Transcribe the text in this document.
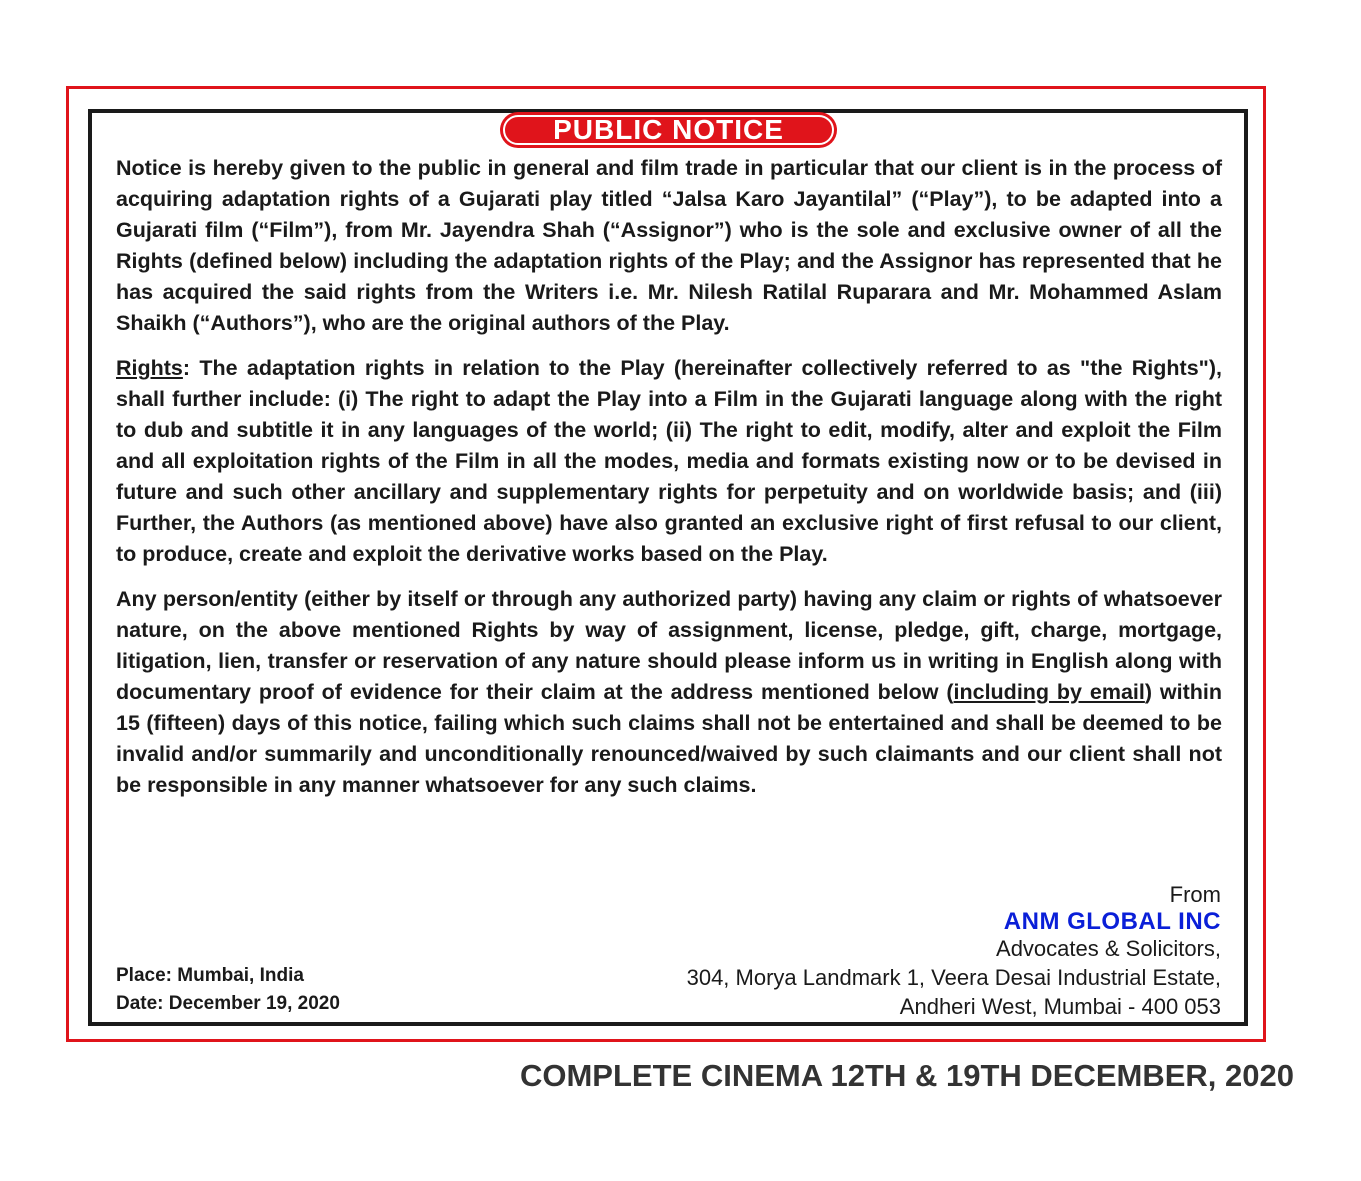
PUBLIC NOTICE

Notice is hereby given to the public in general and film trade in particular that our client is in the process of acquiring adaptation rights of a Gujarati play titled “Jalsa Karo Jayantilal” (“Play”), to be adapted into a Gujarati film (“Film”), from Mr. Jayendra Shah (“Assignor”) who is the sole and exclusive owner of all the Rights (defined below) including the adaptation rights of the Play; and the Assignor has represented that he has acquired the said rights from the Writers i.e. Mr. Nilesh Ratilal Ruparara and Mr. Mohammed Aslam Shaikh (“Authors”), who are the original authors of the Play.

Rights: The adaptation rights in relation to the Play (hereinafter collectively referred to as "the Rights"), shall further include: (i) The right to adapt the Play into a Film in the Gujarati language along with the right to dub and subtitle it in any languages of the world; (ii) The right to edit, modify, alter and exploit the Film and all exploitation rights of the Film in all the modes, media and formats existing now or to be devised in future and such other ancillary and supplementary rights for perpetuity and on worldwide basis; and (iii) Further, the Authors (as mentioned above) have also granted an exclusive right of first refusal to our client, to produce, create and exploit the derivative works based on the Play.

Any person/entity (either by itself or through any authorized party) having any claim or rights of whatsoever nature, on the above mentioned Rights by way of assignment, license, pledge, gift, charge, mortgage, litigation, lien, transfer or reservation of any nature should please inform us in writing in English along with documentary proof of evidence for their claim at the address mentioned below (including by email) within 15 (fifteen) days of this notice, failing which such claims shall not be entertained and shall be deemed to be invalid and/or summarily and unconditionally renounced/waived by such claimants and our client shall not be responsible in any manner whatsoever for any such claims.

From
ANM GLOBAL INC
Advocates & Solicitors,
304, Morya Landmark 1, Veera Desai Industrial Estate,
Andheri West, Mumbai - 400 053
Place: Mumbai, India
Date: December 19, 2020
COMPLETE CINEMA 12TH & 19TH DECEMBER, 2020
